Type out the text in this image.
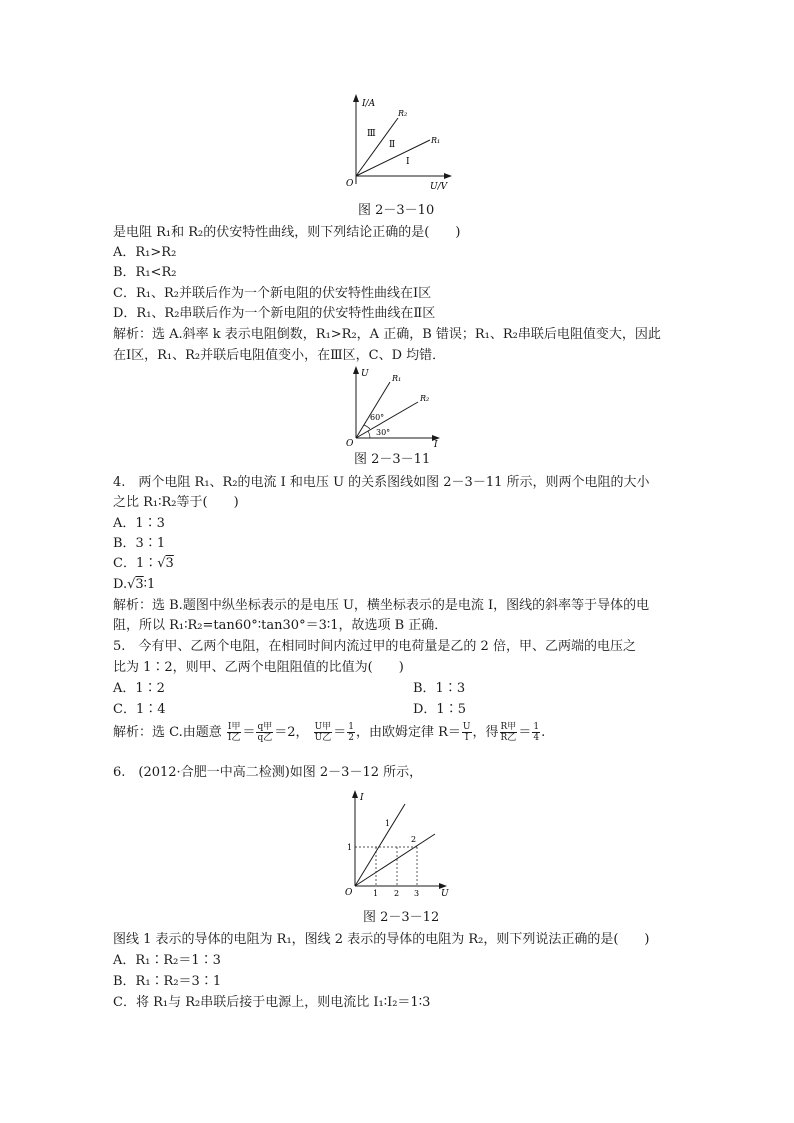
I/A
U/V
O
R₂
R₁
Ⅲ
Ⅱ
Ⅰ
图 2－3－10
是电阻 R₁和 R₂的伏安特性曲线，则下列结论正确的是(　　)
A．R₁>R₂
B．R₁<R₂
C．R₁、R₂并联后作为一个新电阻的伏安特性曲线在Ⅰ区
D．R₁、R₂串联后作为一个新电阻的伏安特性曲线在Ⅱ区
解析：选 A.斜率 k 表示电阻倒数，R₁>R₂，A 正确，B 错误；R₁、R₂串联后电阻值变大，因此
在Ⅰ区，R₁、R₂并联后电阻值变小，在Ⅲ区，C、D 均错．
U
I
O
R₁
R₂
60°
30°
图 2－3－11
4.　两个电阻 R₁、R₂的电流 I 和电压 U 的关系图线如图 2－3－11 所示，则两个电阻的大小
之比 R₁∶R₂等于(　　)
A．1∶3
B．3∶1
C．1∶√3
D.√3∶1
解析：选 B.题图中纵坐标表示的是电压 U，横坐标表示的是电流 I，图线的斜率等于导体的电
阻，所以 R₁∶R₂=tan60°∶tan30°＝3∶1，故选项 B 正确．
5.　今有甲、乙两个电阻，在相同时间内流过甲的电荷量是乙的 2 倍，甲、乙两端的电压之
比为 1∶2，则甲、乙两个电阻阻值的比值为(　　)
A．1∶2	B．1∶3
C．1∶4	D．1∶5
解析：选 C.由题意 $\frac{\text{I甲}}{\text{I乙}} = \frac{\text{q甲}}{\text{q乙}} =2$， $\frac{\text{U甲}}{\text{U乙}} = \frac{1}{2}$ ，由欧姆定律 $R= \frac{U}{I}$ ，得 $\frac{\text{R甲}}{\text{R乙}} = \frac{1}{4}$ .
6.　(2012·合肥一中高二检测)如图 2－3－12 所示，
I
U
O
1
2
1
1 2 3
图 2－3－12
图线 1 表示的导体的电阻为 R₁，图线 2 表示的导体的电阻为 R₂，则下列说法正确的是(　　)
A．R₁∶R₂＝1∶3
B．R₁∶R₂＝3∶1
C．将 R₁与 R₂串联后接于电源上，则电流比 I₁∶I₂＝1∶3
